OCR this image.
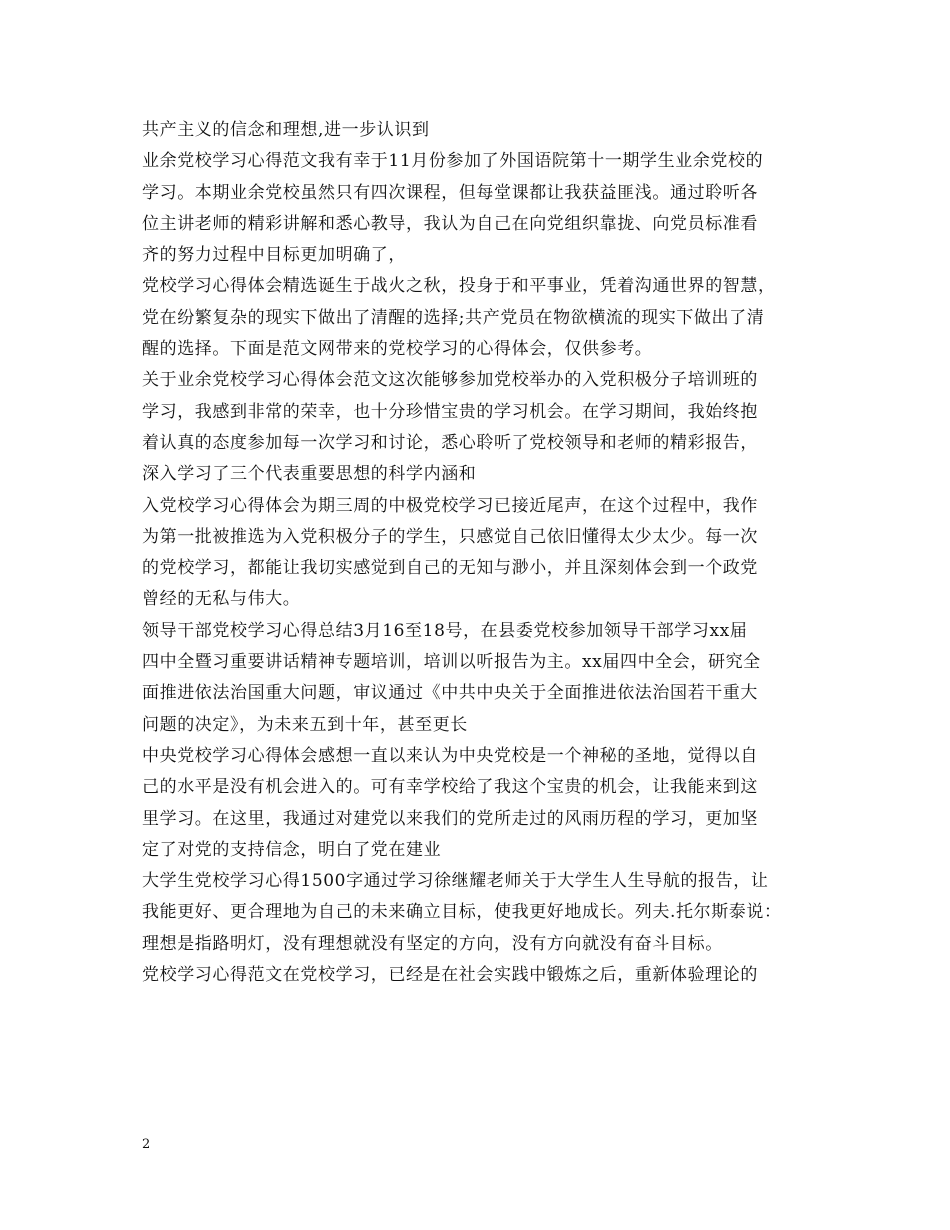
共产主义的信念和理想,进一步认识到
业余党校学习心得范文我有幸于11月份参加了外国语院第十一期学生业余党校的
学习。本期业余党校虽然只有四次课程，但每堂课都让我获益匪浅。通过聆听各
位主讲老师的精彩讲解和悉心教导，我认为自己在向党组织靠拢、向党员标准看
齐的努力过程中目标更加明确了，
党校学习心得体会精选诞生于战火之秋，投身于和平事业，凭着沟通世界的智慧，
党在纷繁复杂的现实下做出了清醒的选择;共产党员在物欲横流的现实下做出了清
醒的选择。下面是范文网带来的党校学习的心得体会，仅供参考。
关于业余党校学习心得体会范文这次能够参加党校举办的入党积极分子培训班的
学习，我感到非常的荣幸，也十分珍惜宝贵的学习机会。在学习期间，我始终抱
着认真的态度参加每一次学习和讨论，悉心聆听了党校领导和老师的精彩报告，
深入学习了三个代表重要思想的科学内涵和
入党校学习心得体会为期三周的中极党校学习已接近尾声，在这个过程中，我作
为第一批被推选为入党积极分子的学生，只感觉自己依旧懂得太少太少。每一次
的党校学习，都能让我切实感觉到自己的无知与渺小，并且深刻体会到一个政党
曾经的无私与伟大。
领导干部党校学习心得总结3月16至18号，在县委党校参加领导干部学习xx届
四中全暨习重要讲话精神专题培训，培训以听报告为主。xx届四中全会，研究全
面推进依法治国重大问题，审议通过《中共中央关于全面推进依法治国若干重大
问题的决定》，为未来五到十年，甚至更长
中央党校学习心得体会感想一直以来认为中央党校是一个神秘的圣地，觉得以自
己的水平是没有机会进入的。可有幸学校给了我这个宝贵的机会，让我能来到这
里学习。在这里，我通过对建党以来我们的党所走过的风雨历程的学习，更加坚
定了对党的支持信念，明白了党在建业
大学生党校学习心得1500字通过学习徐继耀老师关于大学生人生导航的报告，让
我能更好、更合理地为自己的未来确立目标，使我更好地成长。列夫.托尔斯泰说：
理想是指路明灯，没有理想就没有坚定的方向，没有方向就没有奋斗目标。
党校学习心得范文在党校学习，已经是在社会实践中锻炼之后，重新体验理论的
2
